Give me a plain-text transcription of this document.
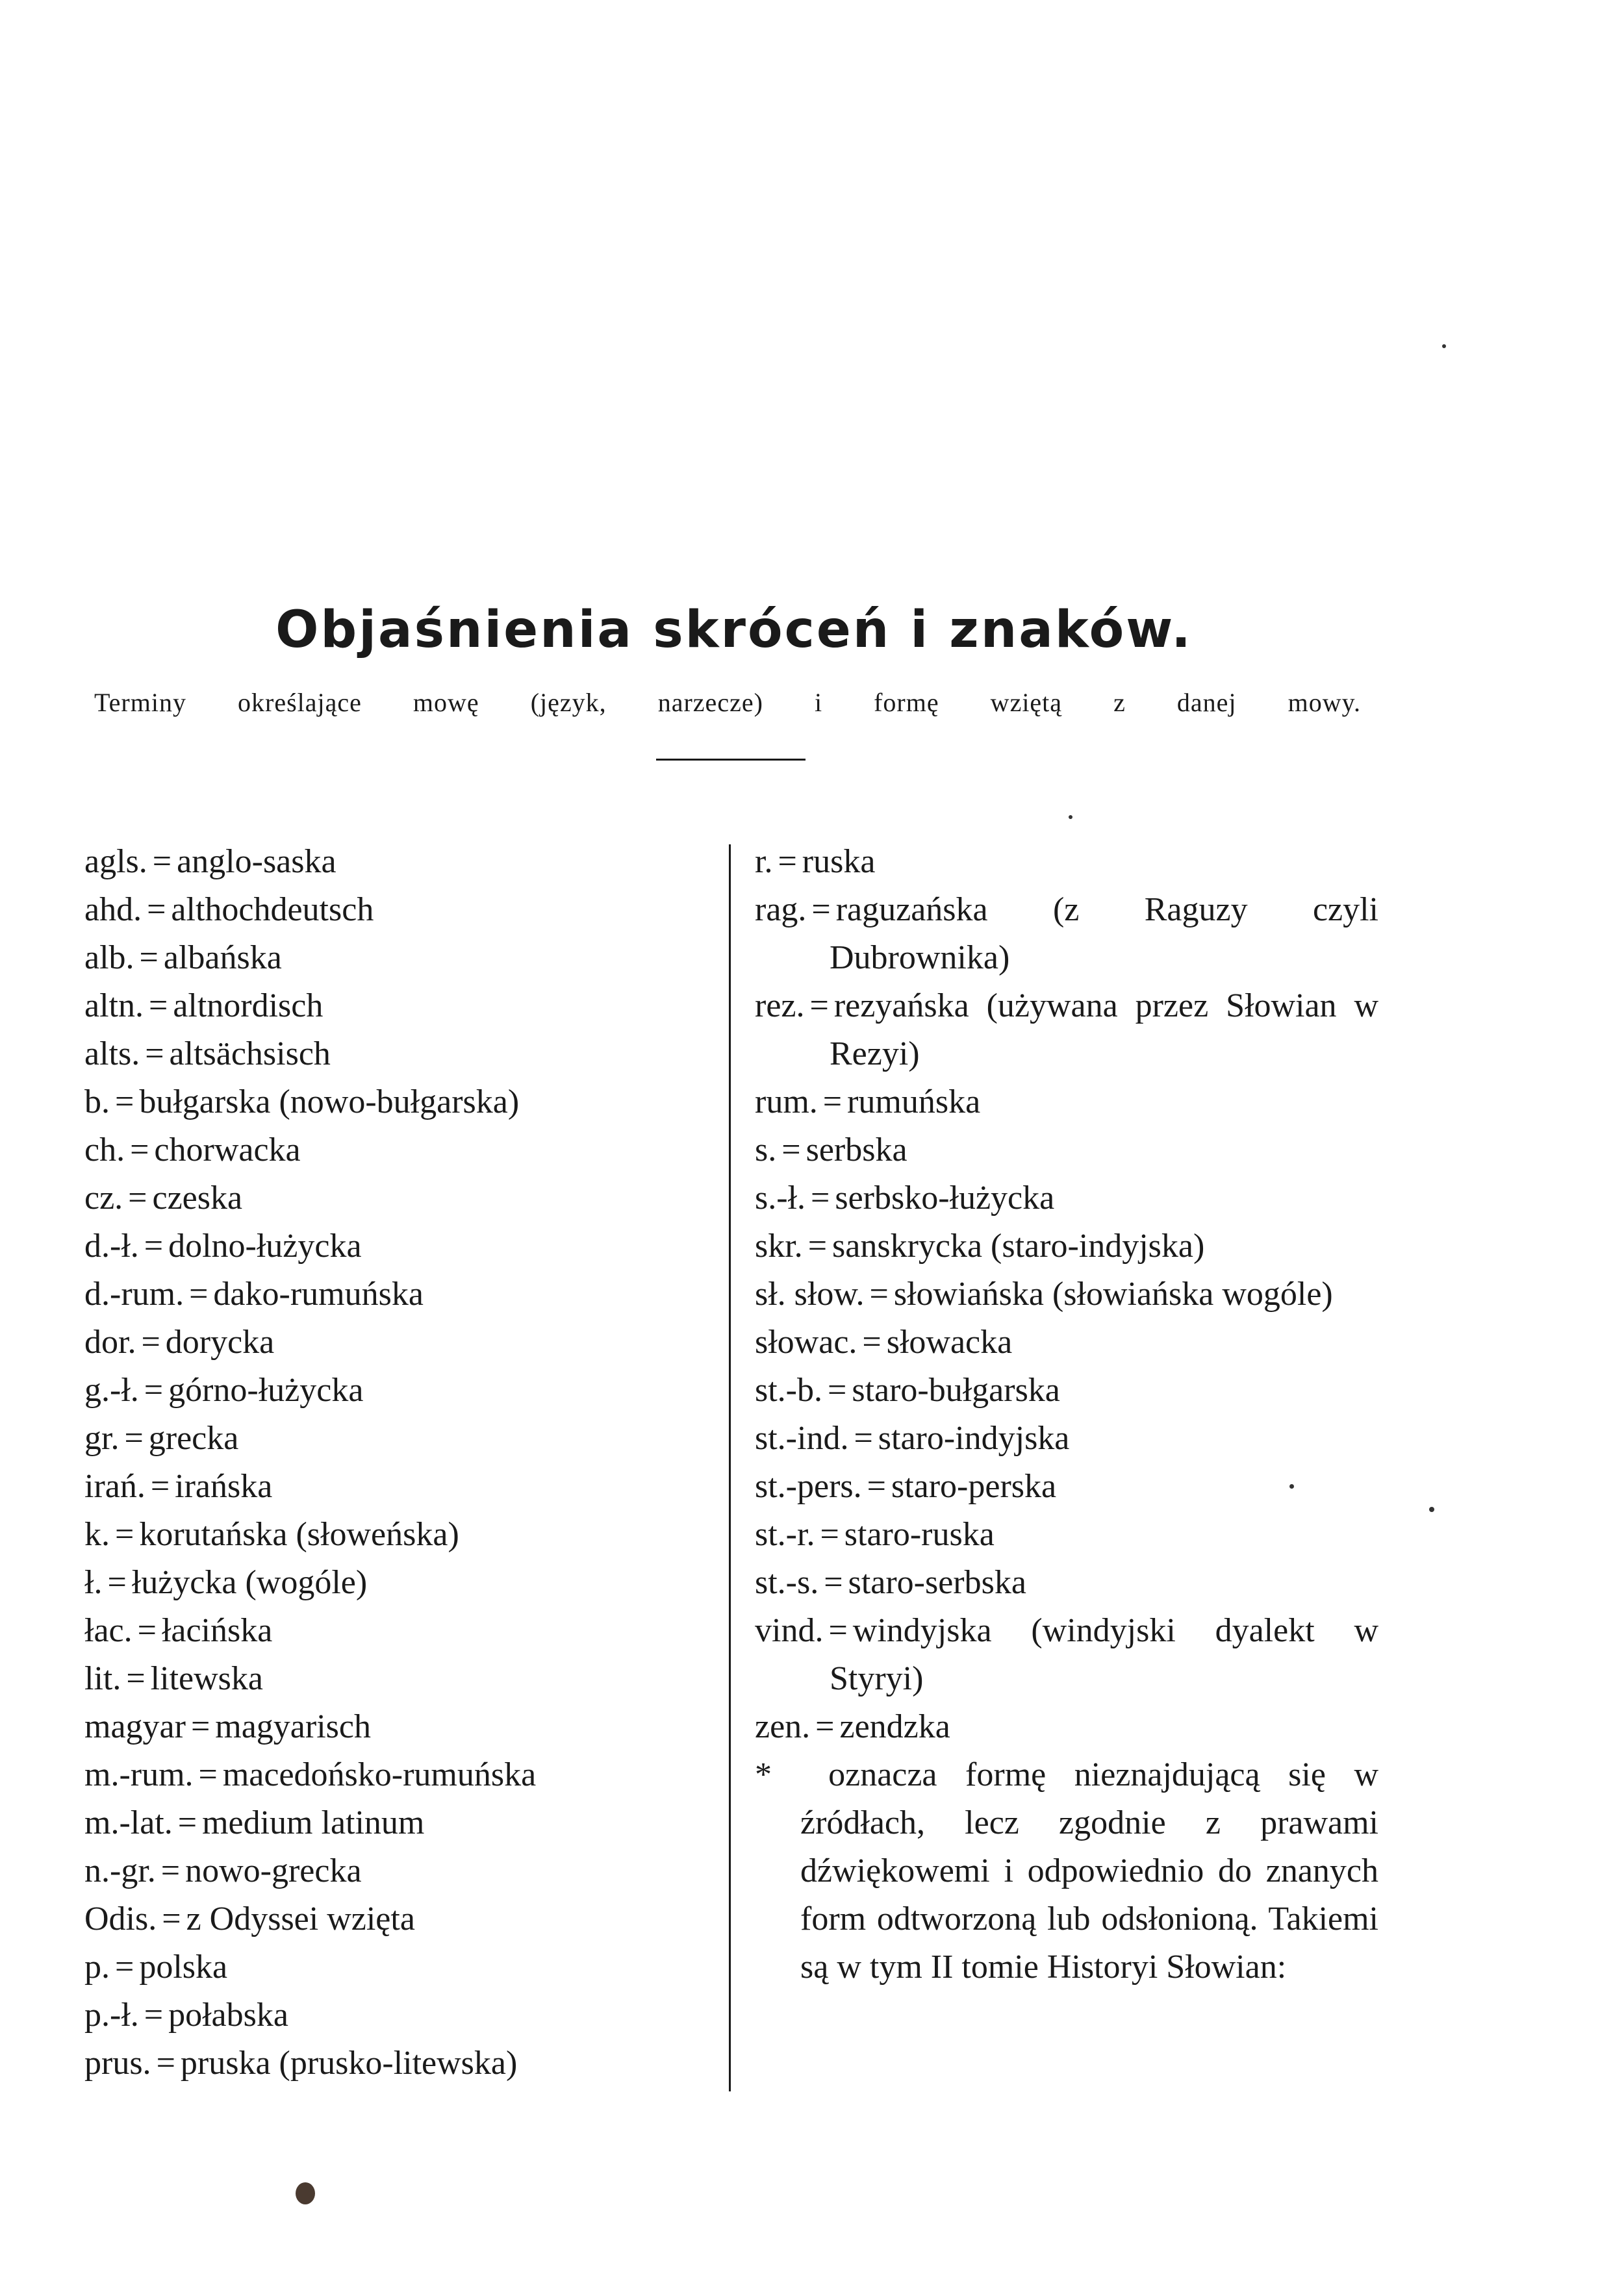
Objaśnienia skróceń i znaków.

Terminy określające mowę (język, narzecze) i formę wziętą z danej mowy.

agls. = anglo-saska
ahd. = althochdeutsch
alb. = albańska
altn. = altnordisch
alts. = altsächsisch
b. = bułgarska (nowo-bułgarska)
ch. = chorwacka
cz. = czeska
d.-ł. = dolno-łużycka
d.-rum. = dako-rumuńska
dor. = dorycka
g.-ł. = górno-łużycka
gr. = grecka
irań. = irańska
k. = korutańska (słoweńska)
ł. = łużycka (wogóle)
łac. = łacińska
lit. = litewska
magyar = magyarisch
m.-rum. = macedońsko-rumuńska
m.-lat. = medium latinum
n.-gr. = nowo-grecka
Odis. = z Odyssei wzięta
p. = polska
p.-ł. = połabska
prus. = pruska (prusko-litewska)
r. = ruska
rag. = raguzańska (z Raguzy czyli Dubrownika)
rez. = rezyańska (używana przez Słowian w Rezyi)
rum. = rumuńska
s. = serbska
s.-ł. = serbsko-łużycka
skr. = sanskrycka (staro-indyjska)
sł. słow. = słowiańska (słowiańska wogóle)
słowac. = słowacka
st.-b. = staro-bułgarska
st.-ind. = staro-indyjska
st.-pers. = staro-perska
st.-r. = staro-ruska
st.-s. = staro-serbska
vind. = windyjska (windyjski dyalekt w Styryi)
zen. = zendzka
* oznacza formę nieznajdującą się w źródłach, lecz zgodnie z prawami dźwiękowemi i odpowiednio do znanych form odtworzoną lub odsłonioną. Takiemi są w tym II tomie Historyi Słowian:
